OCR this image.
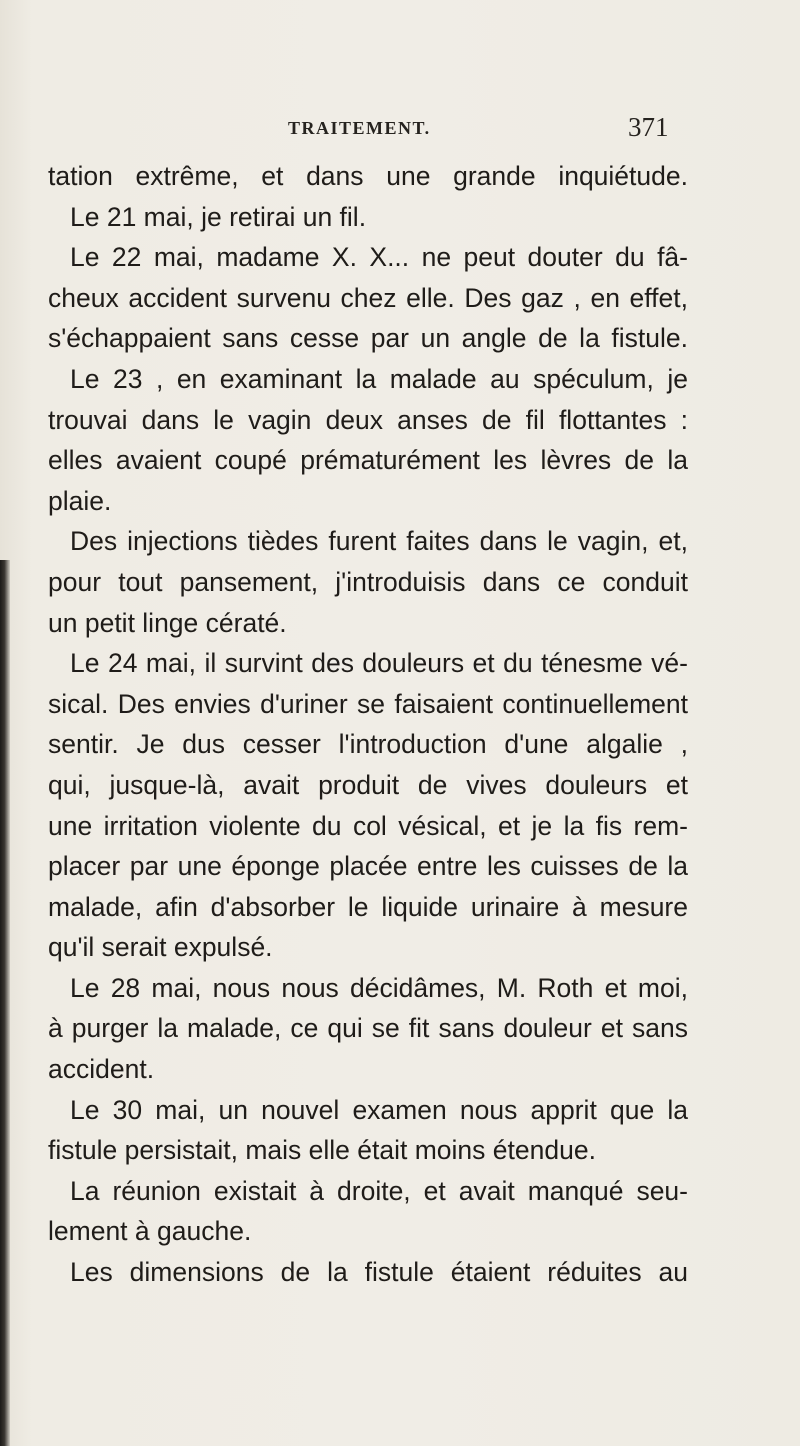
TRAITEMENT.	371
tation extrême, et dans une grande inquiétude.
Le 21 mai, je retirai un fil.
Le 22 mai, madame X. X... ne peut douter du fâ-
cheux accident survenu chez elle. Des gaz , en effet,
s'échappaient sans cesse par un angle de la fistule.
Le 23 , en examinant la malade au spéculum, je
trouvai dans le vagin deux anses de fil flottantes :
elles avaient coupé prématurément les lèvres de la
plaie.
Des injections tièdes furent faites dans le vagin, et,
pour tout pansement, j'introduisis dans ce conduit
un petit linge cératé.
Le 24 mai, il survint des douleurs et du ténesme vé-
sical. Des envies d'uriner se faisaient continuellement
sentir. Je dus cesser l'introduction d'une algalie ,
qui, jusque-là, avait produit de vives douleurs et
une irritation violente du col vésical, et je la fis rem-
placer par une éponge placée entre les cuisses de la
malade, afin d'absorber le liquide urinaire à mesure
qu'il serait expulsé.
Le 28 mai, nous nous décidâmes, M. Roth et moi,
à purger la malade, ce qui se fit sans douleur et sans
accident.
Le 30 mai, un nouvel examen nous apprit que la
fistule persistait, mais elle était moins étendue.
La réunion existait à droite, et avait manqué seu-
lement à gauche.
Les dimensions de la fistule étaient réduites au
